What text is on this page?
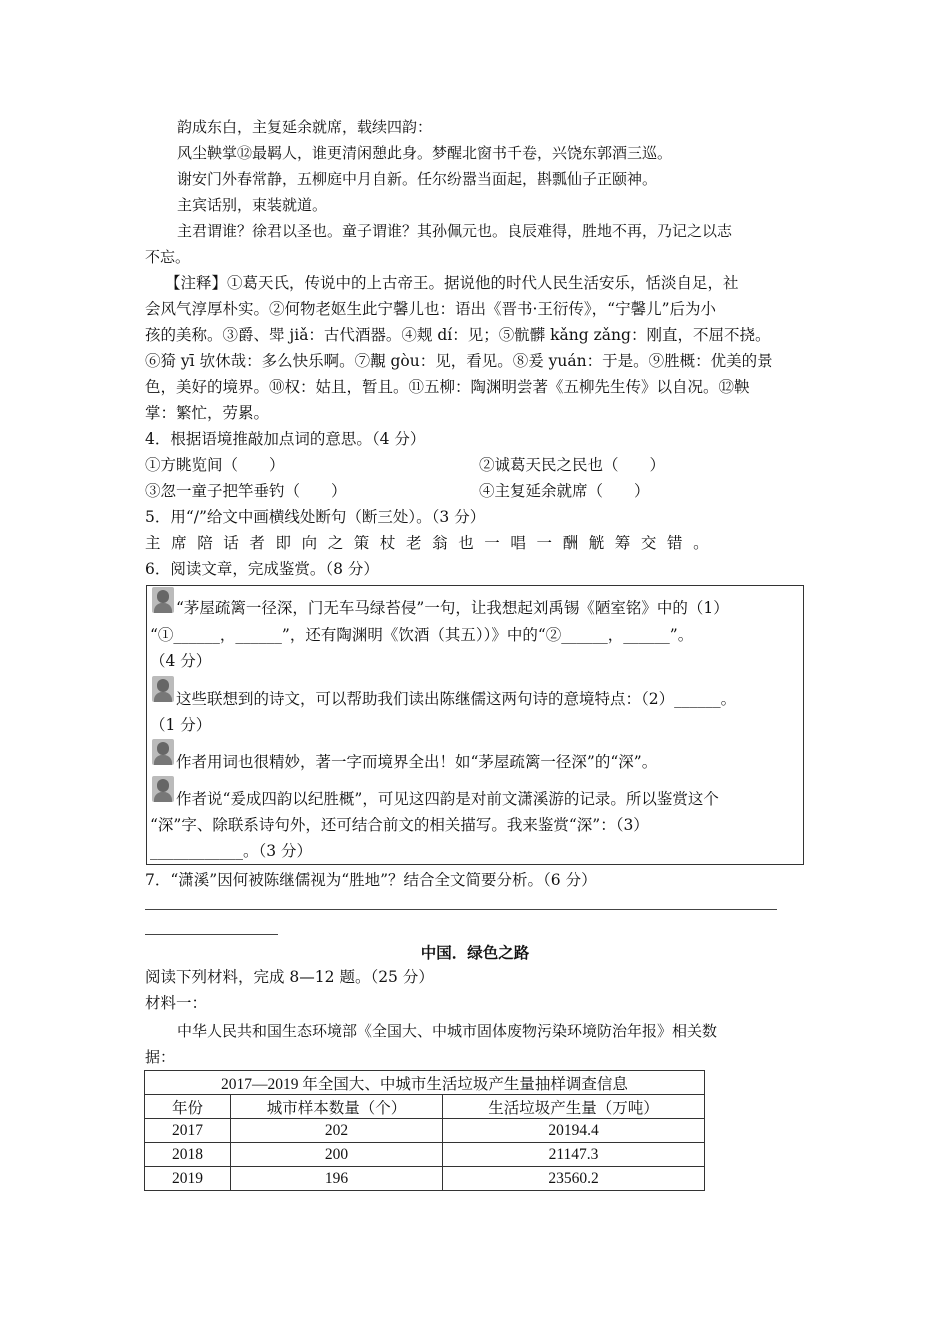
韵成东白，主复延余就席，载续四韵：
风尘鞅掌⑫最羁人，谁更清闲憩此身。梦醒北窗书千卷，兴饶东郭酒三巡。
谢安门外春常静，五柳庭中月自新。任尔纷嚣当面起，斟瓢仙子正颐神。
主宾话别，束装就道。
主君谓谁？徐君以圣也。童子谓谁？其孙佩元也。良辰难得，胜地不再，乃记之以志
不忘。
【注释】①葛天氏，传说中的上古帝王。据说他的时代人民生活安乐，恬淡自足，社
会风气淳厚朴实。②何物老妪生此宁馨儿也：语出《晋书·王衍传》，“宁馨儿”后为小
孩的美称。③爵、斝 jiǎ：古代酒器。④觌 dí：见；⑤骯髒 kǎng zǎng：刚直，不屈不挠。
⑥猗 yī 欤休哉：多么快乐啊。⑦覯 gòu：见，看见。⑧爰 yuán：于是。⑨胜概：优美的景
色，美好的境界。⑩权：姑且，暂且。⑪五柳：陶渊明尝著《五柳先生传》以自况。⑫鞅
掌：繁忙，劳累。
4．根据语境推敲加点词的意思。（4 分）
①方眺览间（　　）	②诚葛天民之民也（　　）
③忽一童子把竿垂钓（　　）	④主复延余就席（　　）
5．用“/”给文中画横线处断句（断三处）。（3 分）
主席陪话者即向之策杖老翁也一唱一酬觥筹交错。
6．阅读文章，完成鉴赏。（8 分）
“茅屋疏篱一径深，门无车马绿苔侵”一句，让我想起刘禹锡《陋室铭》中的（1）
“①______，______”，还有陶渊明《饮酒（其五））》中的“②______，______”。
（4 分）
这些联想到的诗文，可以帮助我们读出陈继儒这两句诗的意境特点：（2）______。
（1 分）
作者用词也很精妙，著一字而境界全出！如“茅屋疏篱一径深”的“深”。
作者说“爰成四韵以纪胜概”，可见这四韵是对前文潇溪游的记录。所以鉴赏这个
“深”字、除联系诗句外，还可结合前文的相关描写。我来鉴赏“深”：（3）
____________。（3 分）
7．“潇溪”因何被陈继儒视为“胜地”？结合全文简要分析。（6 分）
中国．绿色之路
阅读下列材料，完成 8—12 题。（25 分）
材料一：
中华人民共和国生态环境部《全国大、中城市固体废物污染环境防治年报》相关数
据：
2017—2019 年全国大、中城市生活垃圾产生量抽样调查信息		
年份	城市样本数量（个）	生活垃圾产生量（万吨）
2017	202	20194.4
2018	200	21147.3
2019	196	23560.2
